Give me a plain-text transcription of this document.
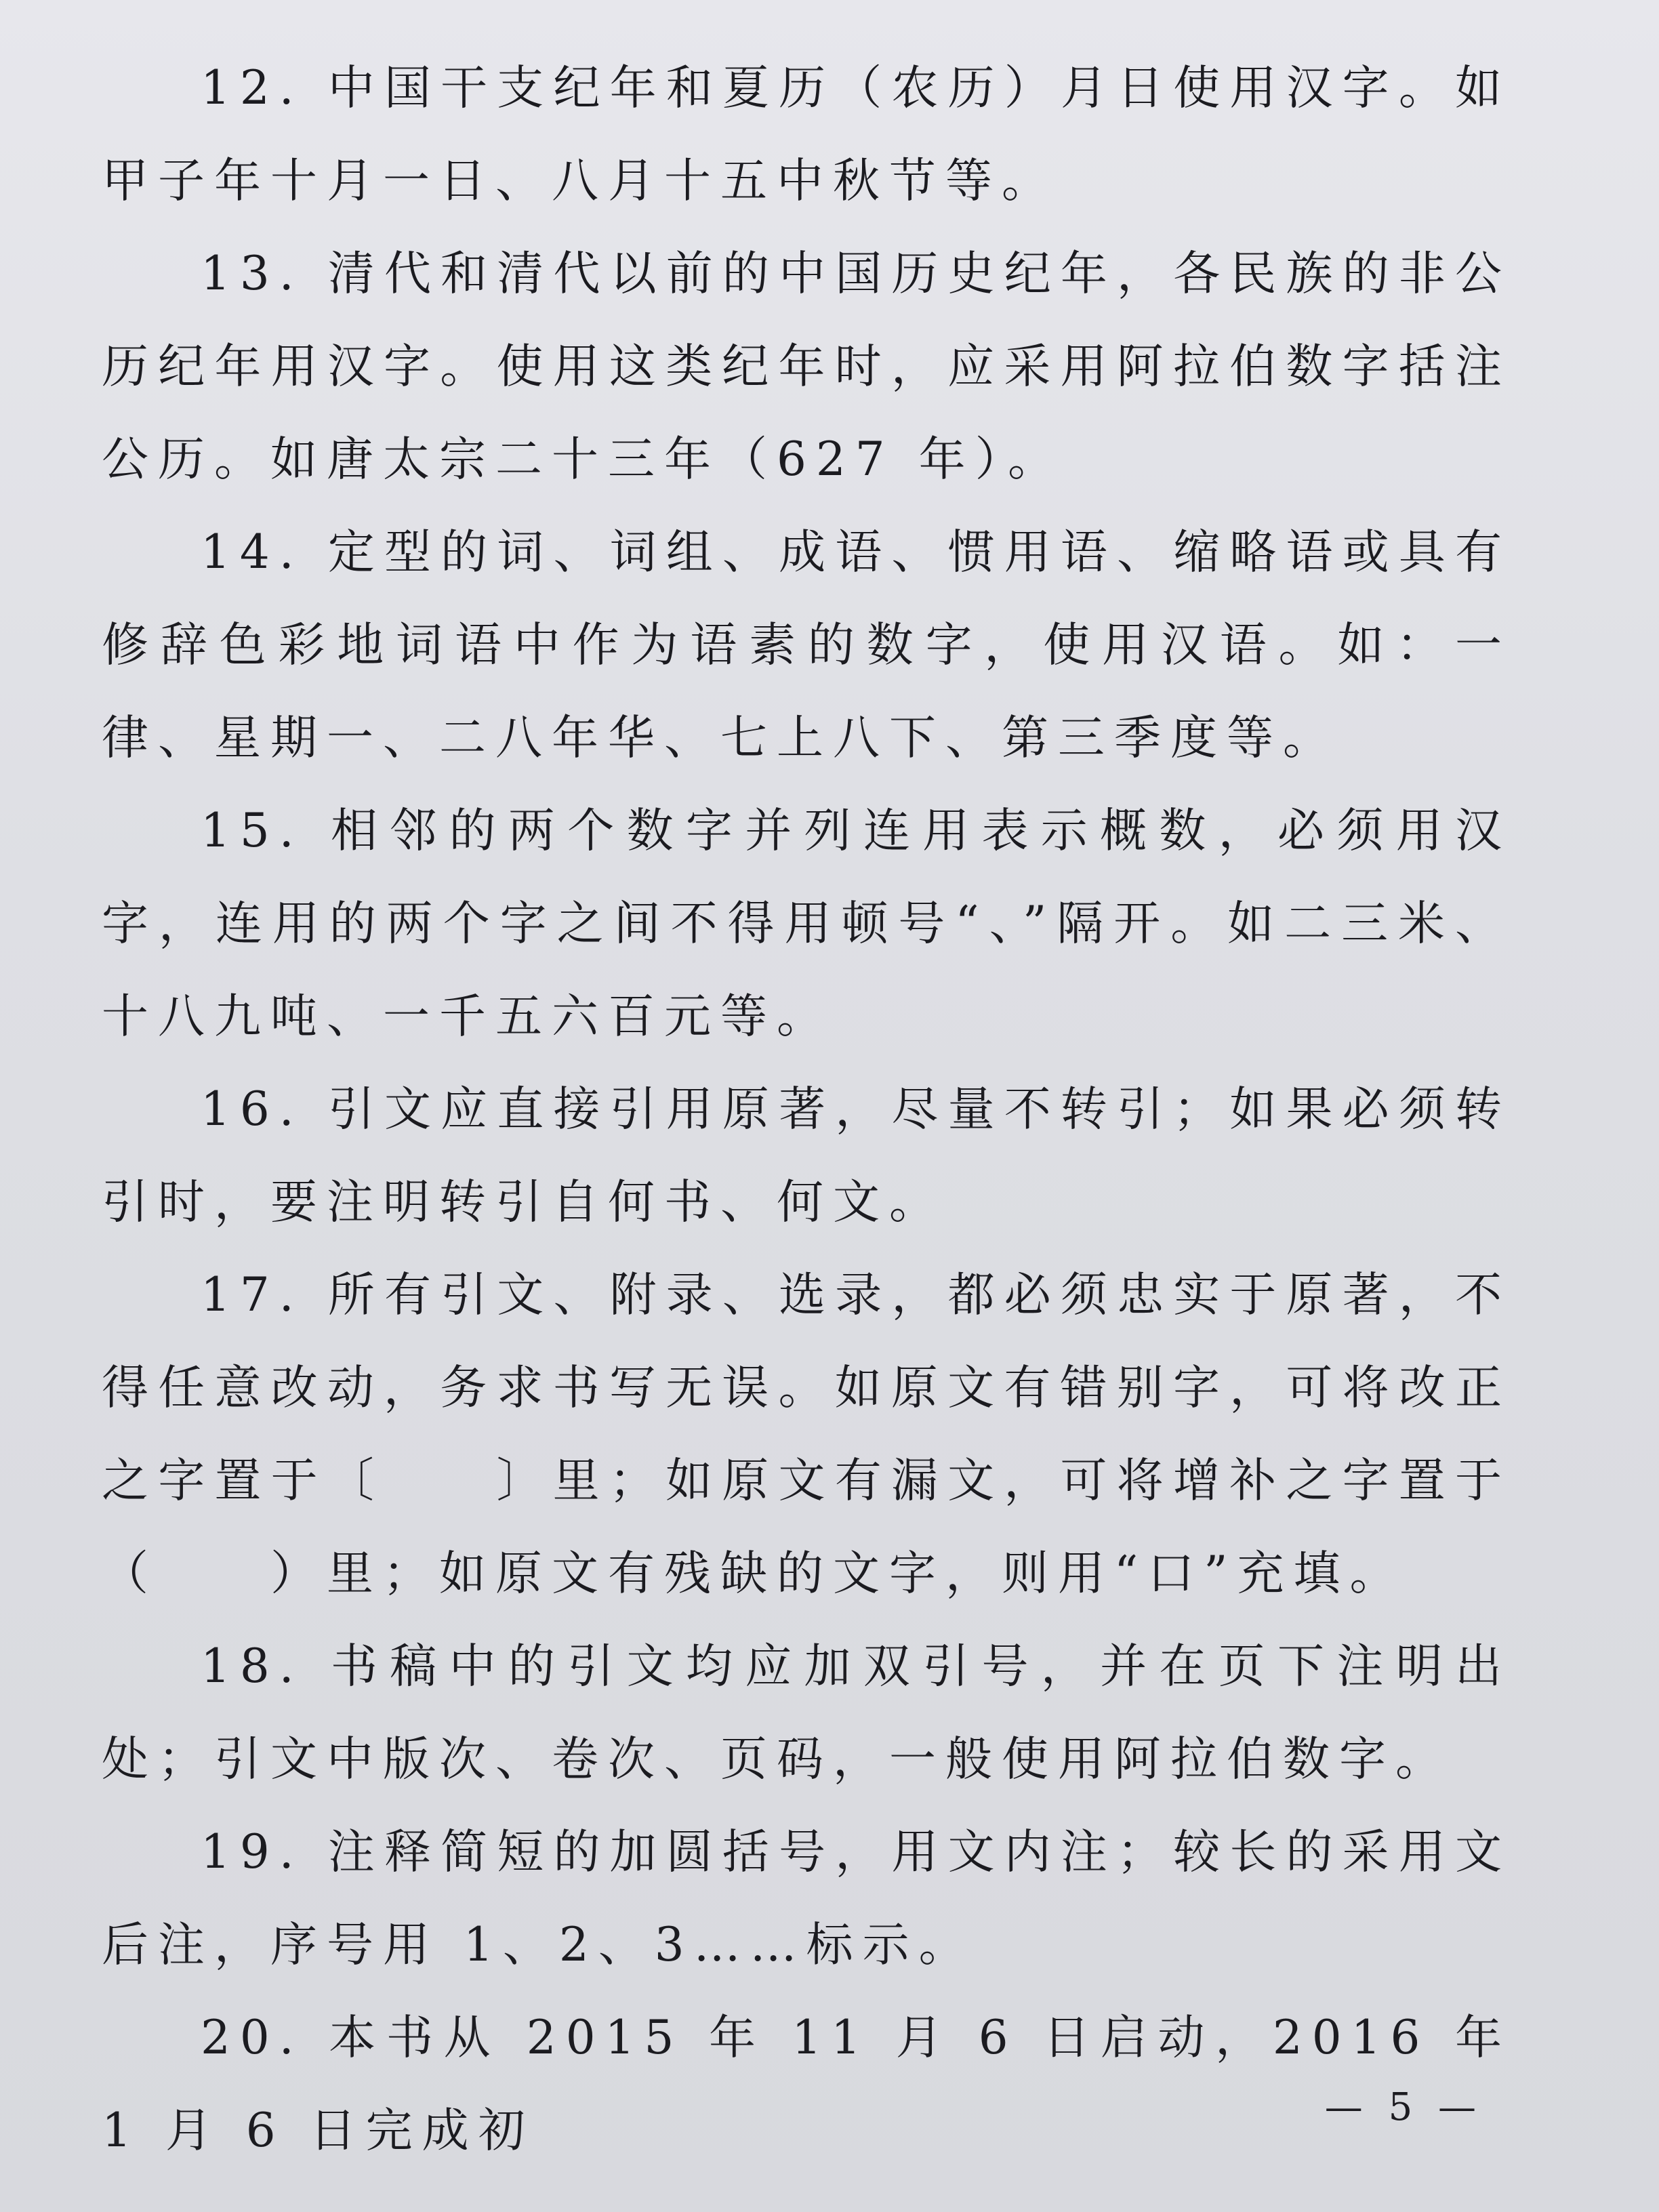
12. 中国干支纪年和夏历（农历）月日使用汉字。如甲子年十月一日、八月十五中秋节等。

13. 清代和清代以前的中国历史纪年，各民族的非公历纪年用汉字。使用这类纪年时，应采用阿拉伯数字括注公历。如唐太宗二十三年（627 年）。

14. 定型的词、词组、成语、惯用语、缩略语或具有修辞色彩地词语中作为语素的数字，使用汉语。如：一律、星期一、二八年华、七上八下、第三季度等。

15. 相邻的两个数字并列连用表示概数，必须用汉字，连用的两个字之间不得用顿号“、”隔开。如二三米、十八九吨、一千五六百元等。

16. 引文应直接引用原著，尽量不转引；如果必须转引时，要注明转引自何书、何文。

17. 所有引文、附录、选录，都必须忠实于原著，不得任意改动，务求书写无误。如原文有错别字，可将改正之字置于〔　　〕里；如原文有漏文，可将增补之字置于（　　）里；如原文有残缺的文字，则用“口”充填。

18. 书稿中的引文均应加双引号，并在页下注明出处；引文中版次、卷次、页码，一般使用阿拉伯数字。

19. 注释简短的加圆括号，用文内注；较长的采用文后注，序号用 1、2、3……标示。

20. 本书从 2015 年 11 月 6 日启动，2016 年 1 月 6 日完成初	— 5 —
